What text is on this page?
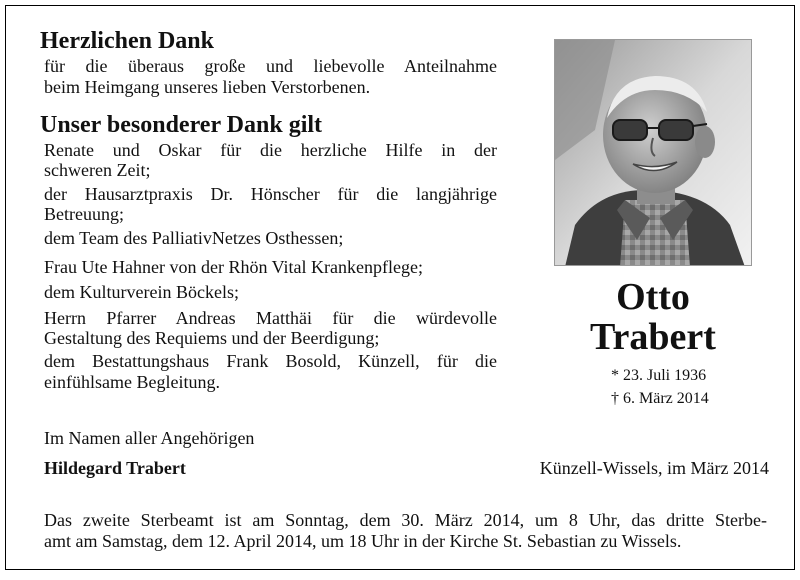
Herzlichen Dank
für die überaus große und liebevolle Anteilnahme
beim Heimgang unseres lieben Verstorbenen.
Unser besonderer Dank gilt
Renate und Oskar für die herzliche Hilfe in der
schweren Zeit;
der Hausarztpraxis Dr. Hönscher für die langjährige
Betreuung;
dem Team des PalliativNetzes Osthessen;
Frau Ute Hahner von der Rhön Vital Krankenpflege;
dem Kulturverein Böckels;
Herrn Pfarrer Andreas Matthäi für die würdevolle
Gestaltung des Requiems und der Beerdigung;
dem Bestattungshaus Frank Bosold, Künzell, für die
einfühlsame Begleitung.
Otto
Trabert
* 23. Juli 1936
† 6. März 2014
Im Namen aller Angehörigen
Hildegard Trabert	Künzell-Wissels, im März 2014
Das zweite Sterbeamt ist am Sonntag, dem 30. März 2014, um 8 Uhr, das dritte Sterbe-
amt am Samstag, dem 12. April 2014, um 18 Uhr in der Kirche St. Sebastian zu Wissels.
